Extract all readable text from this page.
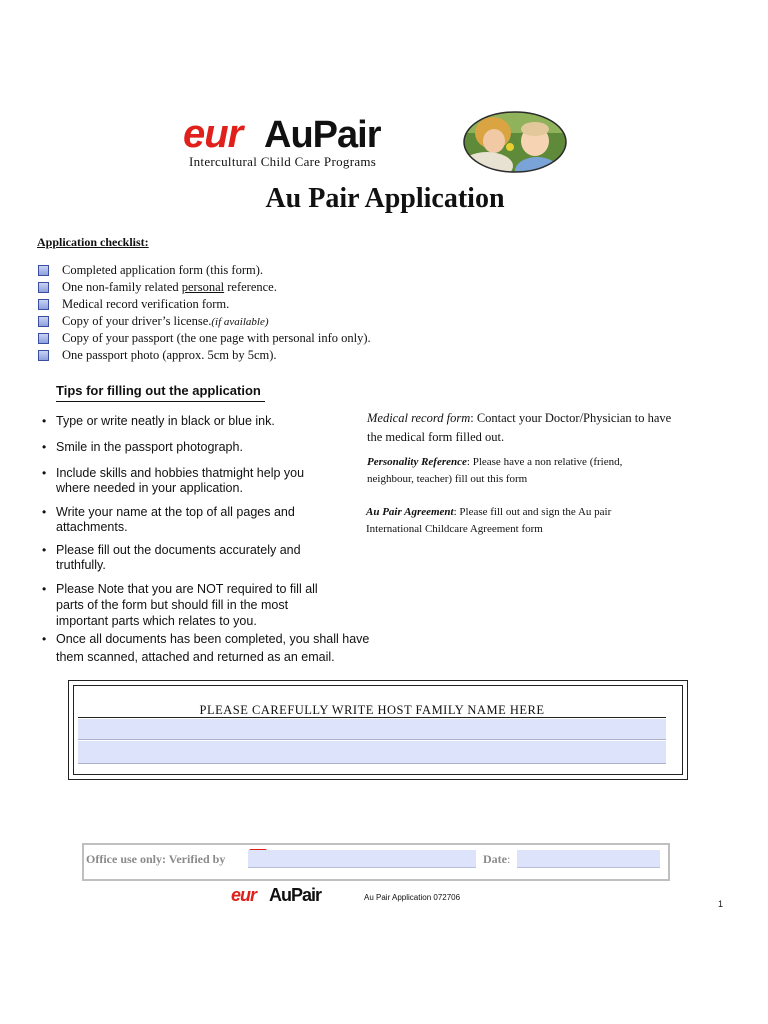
eur AuPair
Intercultural Child Care Programs
Au Pair Application
Application checklist:
Completed application form (this form).
One non-family related personal reference.
Medical record verification form.
Copy of your driver’s license.(if available)
Copy of your passport (the one page with personal info only).
One passport photo (approx. 5cm by 5cm).
Tips for filling out the application
• Type or write neatly in black or blue ink.
• Smile in the passport photograph.
• Include skills and hobbies thatmight help you where needed in your application.
• Write your name at the top of all pages and attachments.
• Please fill out the documents accurately and truthfully.
• Please Note that you are NOT required to fill all parts of the form but should fill in the most important parts which relates to you.
• Once all documents has been completed, you shall have them scanned, attached and returned as an email.
Medical record form: Contact your Doctor/Physician to have the medical form filled out.
Personality Reference: Please have a non relative (friend, neighbour, teacher) fill out this form
Au Pair Agreement: Please fill out and sign the Au pair International Childcare Agreement form
PLEASE CAREFULLY WRITE HOST FAMILY NAME HERE
Office use only: Verified by	Date:
eur AuPair	Au Pair Application 072706
1
